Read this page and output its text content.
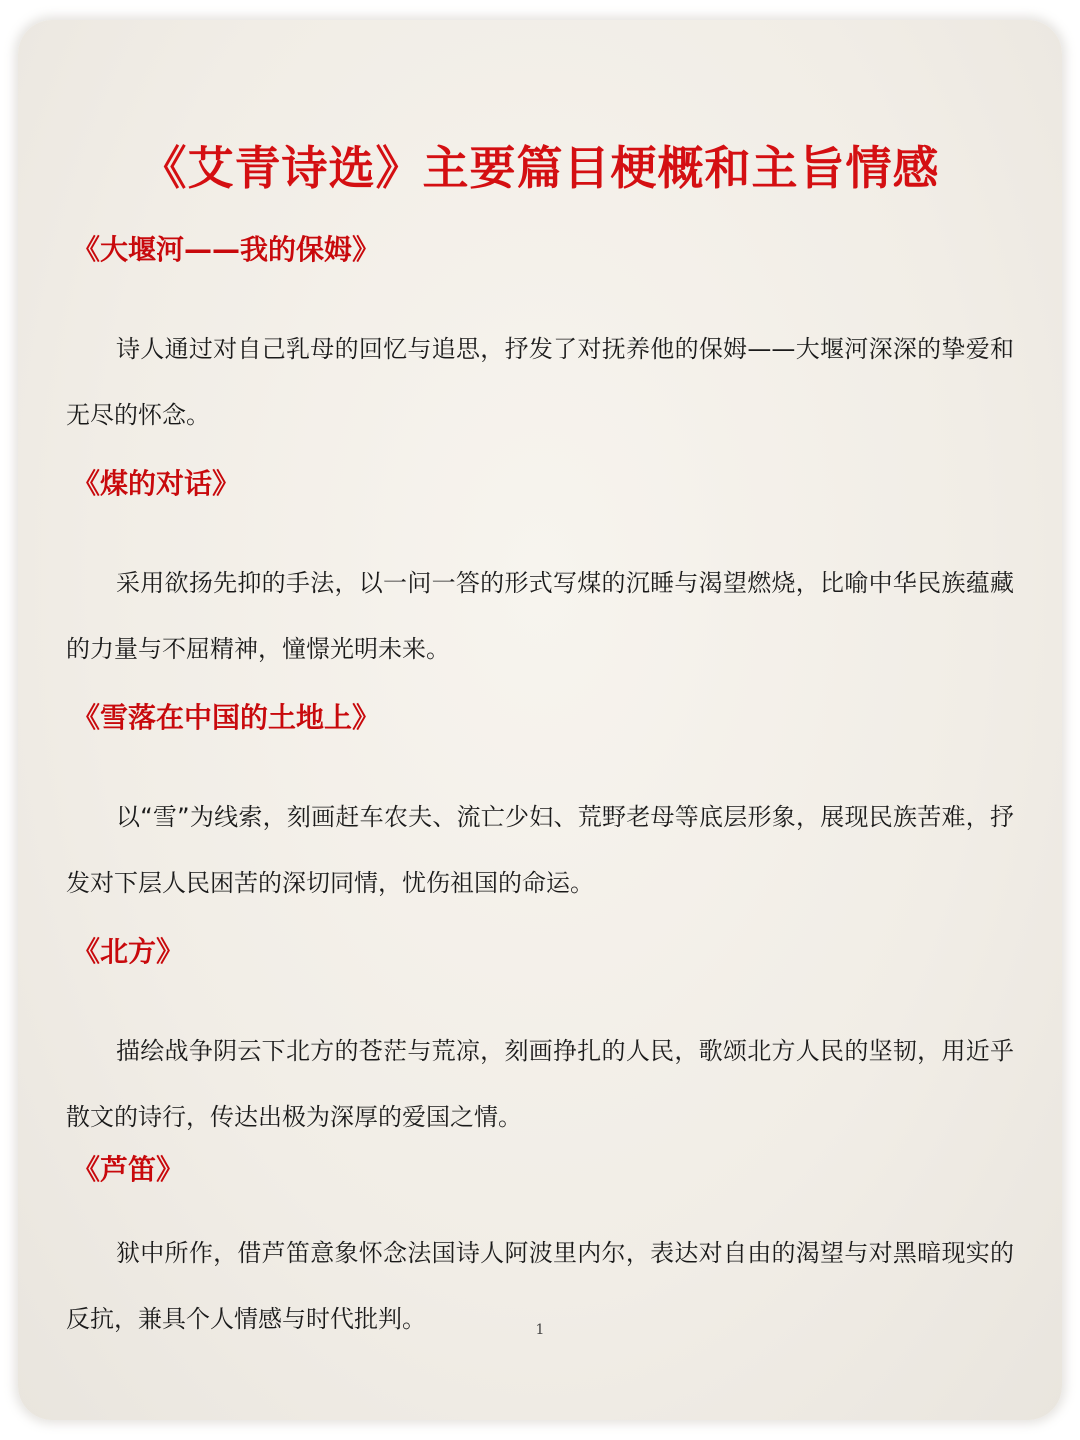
《艾青诗选》主要篇目梗概和主旨情感
《大堰河——我的保姆》
诗人通过对自己乳母的回忆与追思，抒发了对抚养他的保姆——大堰河深深的挚爱和无尽的怀念。
《煤的对话》
采用欲扬先抑的手法，以一问一答的形式写煤的沉睡与渴望燃烧，比喻中华民族蕴藏的力量与不屈精神，憧憬光明未来。
《雪落在中国的土地上》
以“雪”为线索，刻画赶车农夫、流亡少妇、荒野老母等底层形象，展现民族苦难，抒发对下层人民困苦的深切同情，忧伤祖国的命运。
《北方》
描绘战争阴云下北方的苍茫与荒凉，刻画挣扎的人民，歌颂北方人民的坚韧，用近乎散文的诗行，传达出极为深厚的爱国之情。
《芦笛》
狱中所作，借芦笛意象怀念法国诗人阿波里内尔，表达对自由的渴望与对黑暗现实的反抗，兼具个人情感与时代批判。	1
